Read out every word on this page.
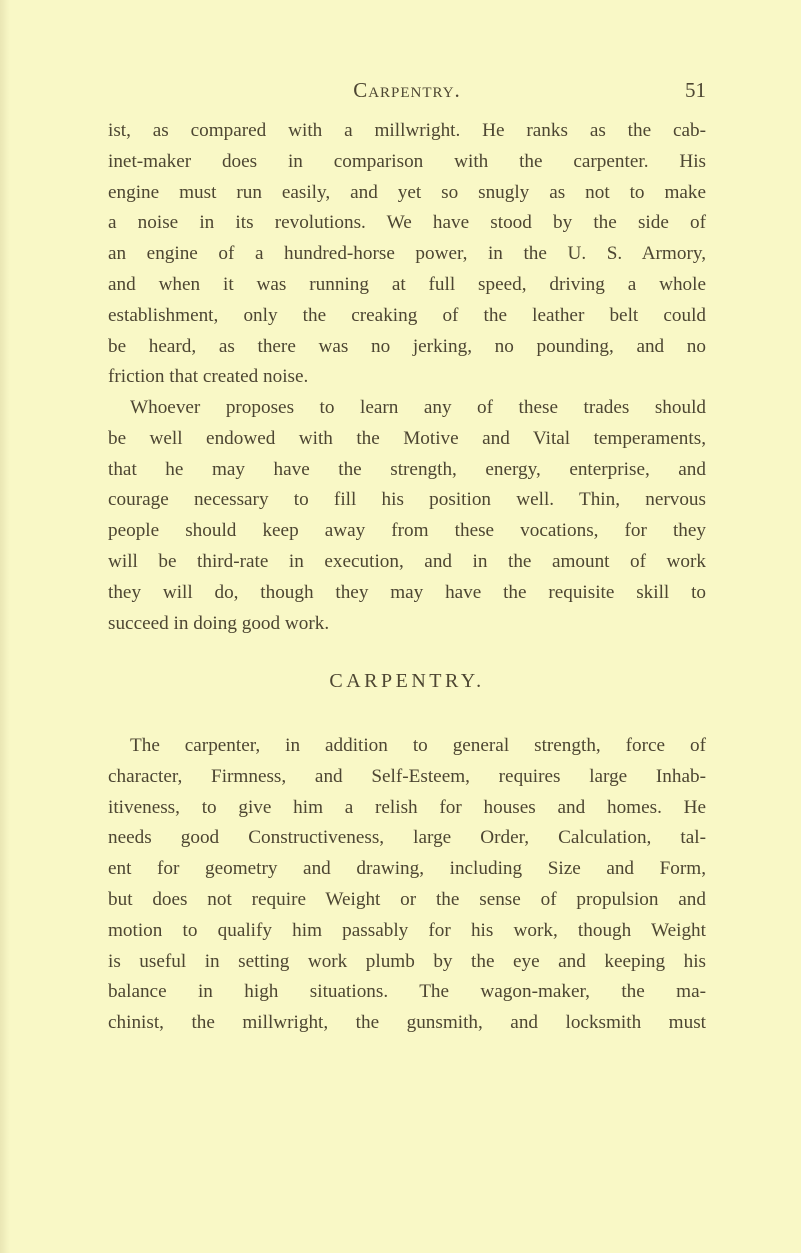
Carpentry.	51
ist, as compared with a millwright. He ranks as the cab-
inet-maker does in comparison with the carpenter. His
engine must run easily, and yet so snugly as not to make
a noise in its revolutions. We have stood by the side of
an engine of a hundred-horse power, in the U. S. Armory,
and when it was running at full speed, driving a whole
establishment, only the creaking of the leather belt could
be heard, as there was no jerking, no pounding, and no
friction that created noise.
Whoever proposes to learn any of these trades should
be well endowed with the Motive and Vital temperaments,
that he may have the strength, energy, enterprise, and
courage necessary to fill his position well. Thin, nervous
people should keep away from these vocations, for they
will be third-rate in execution, and in the amount of work
they will do, though they may have the requisite skill to
succeed in doing good work.
CARPENTRY.
The carpenter, in addition to general strength, force of
character, Firmness, and Self-Esteem, requires large Inhab-
itiveness, to give him a relish for houses and homes. He
needs good Constructiveness, large Order, Calculation, tal-
ent for geometry and drawing, including Size and Form,
but does not require Weight or the sense of propulsion and
motion to qualify him passably for his work, though Weight
is useful in setting work plumb by the eye and keeping his
balance in high situations. The wagon-maker, the ma-
chinist, the millwright, the gunsmith, and locksmith must
